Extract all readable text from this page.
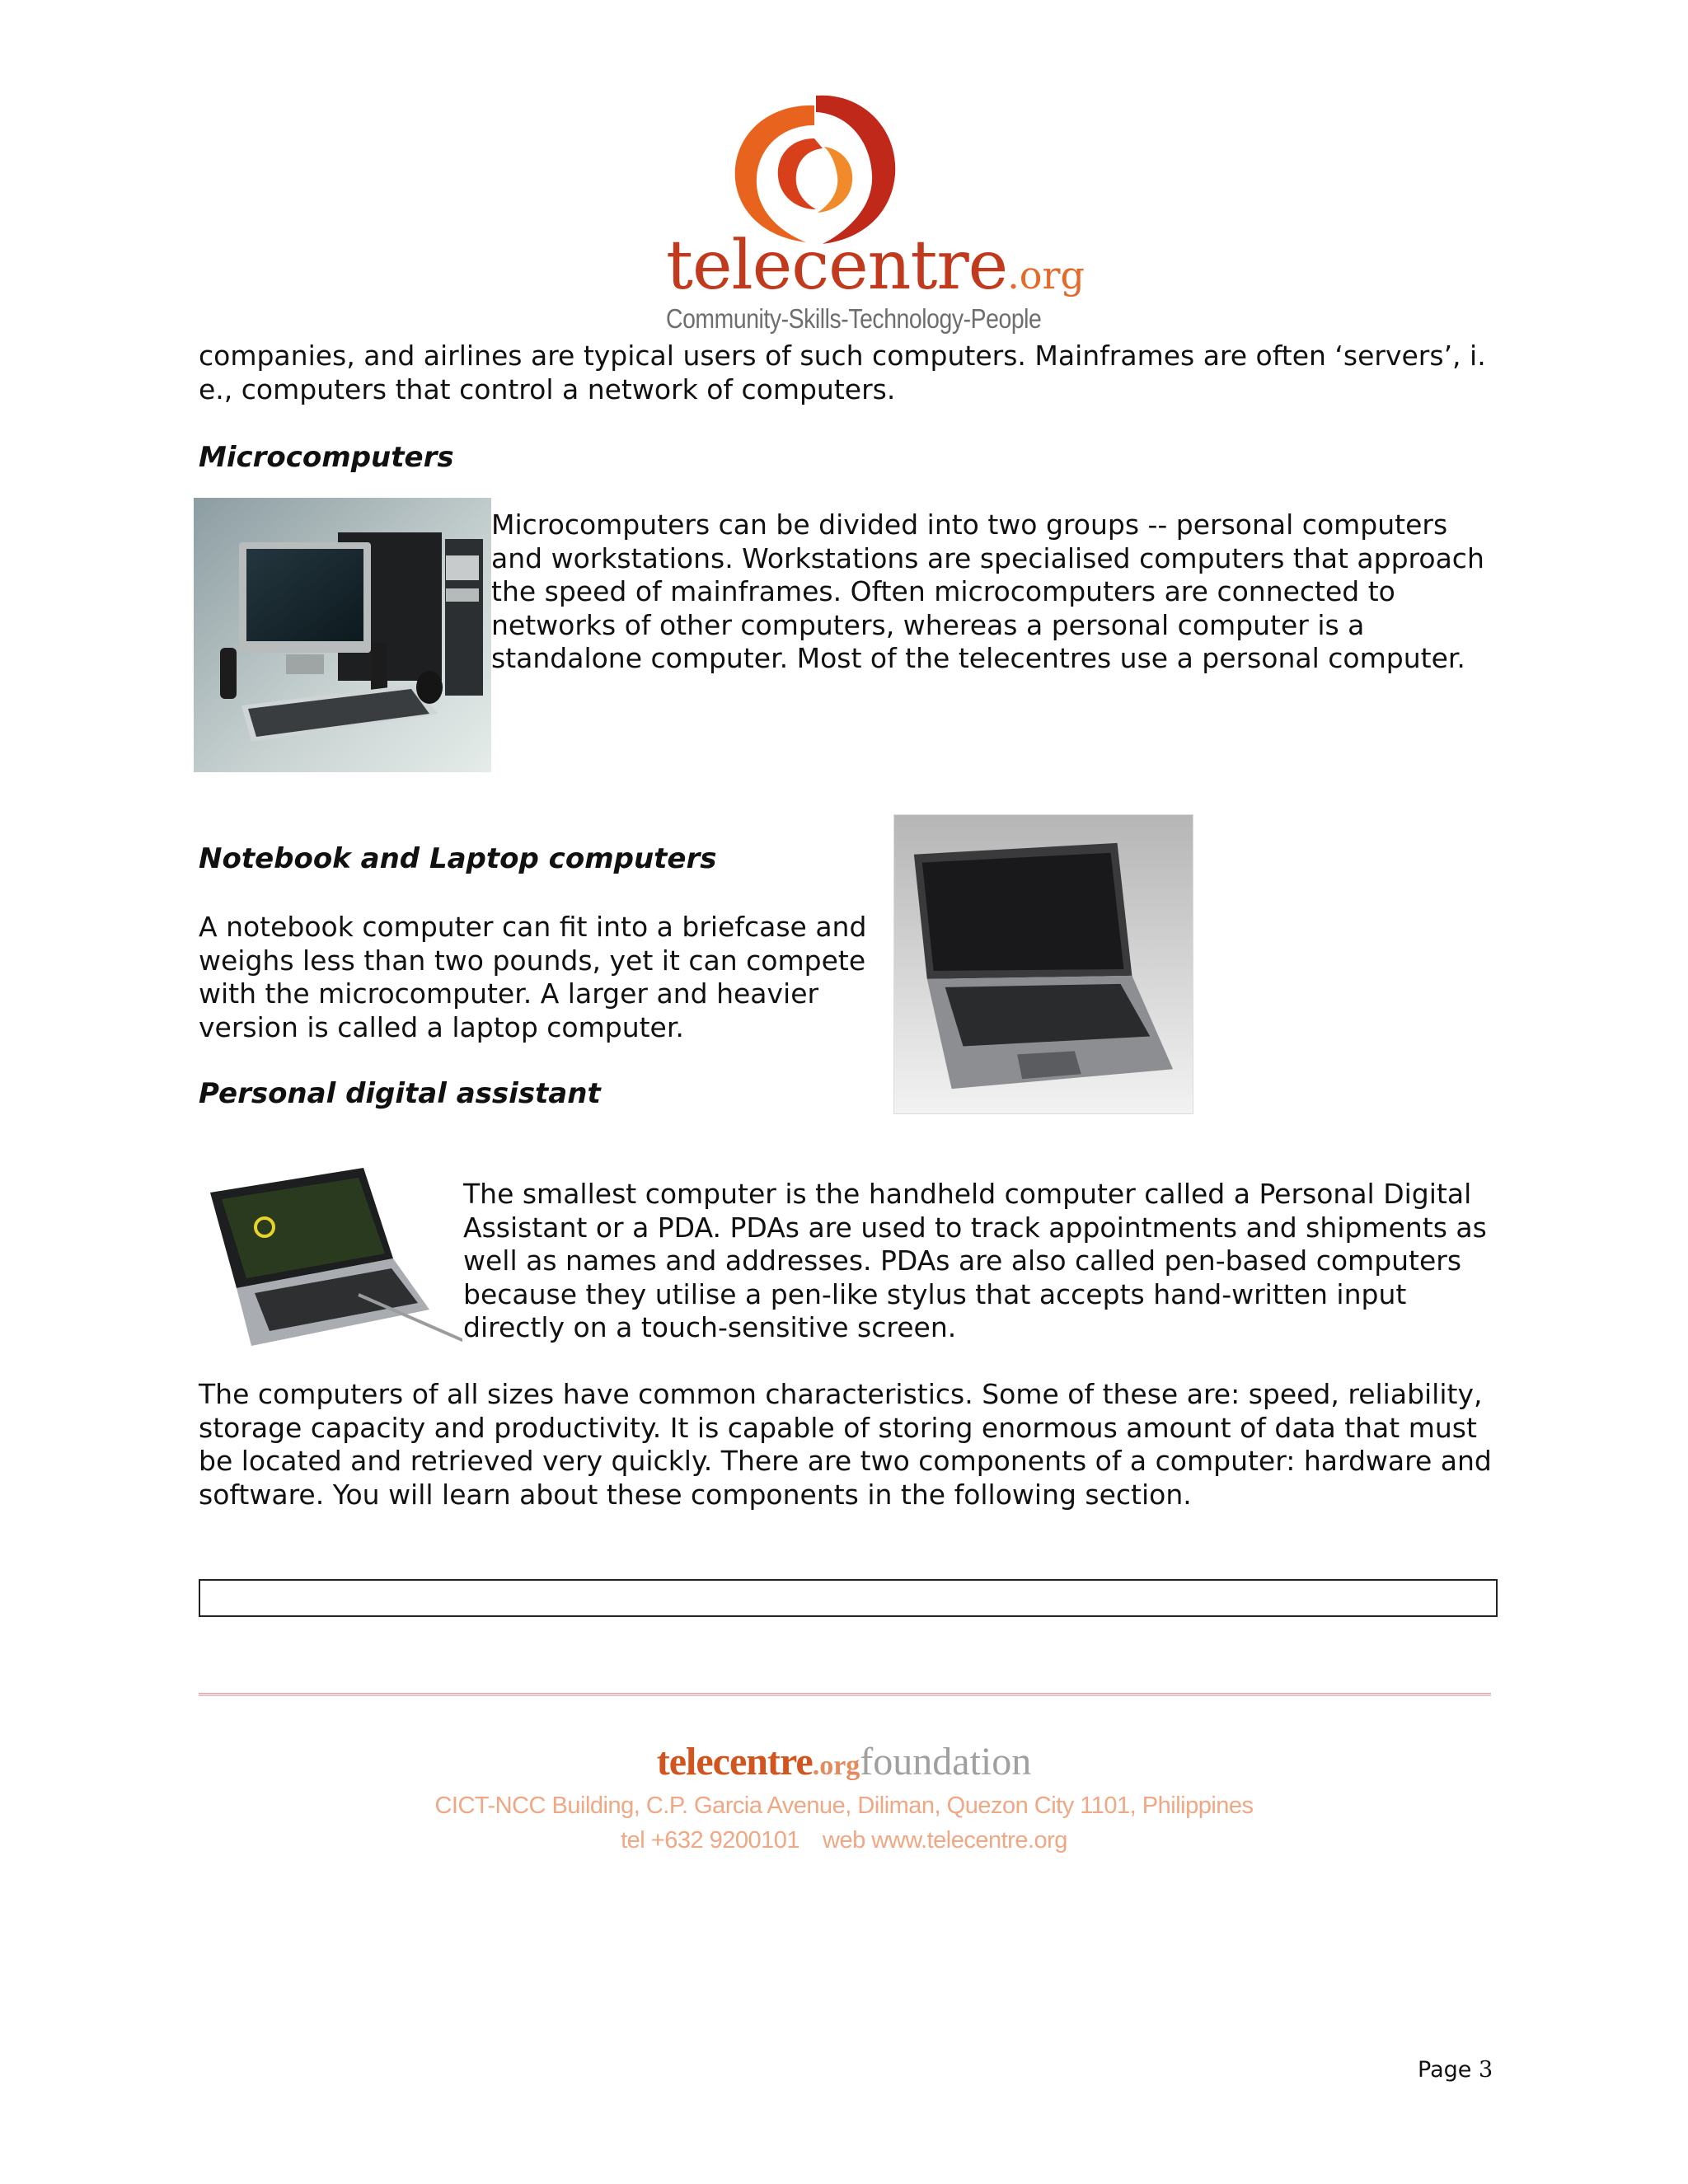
telecentre.org
Community-Skills-Technology-People

companies, and airlines are typical users of such computers. Mainframes are often ‘servers’, i. e., computers that control a network of computers.

Microcomputers

Microcomputers can be divided into two groups -- personal computers and workstations. Workstations are specialised computers that approach the speed of mainframes. Often microcomputers are connected to networks of other computers, whereas a personal computer is a standalone computer. Most of the telecentres use a personal computer.

Notebook and Laptop computers

A notebook computer can fit into a briefcase and weighs less than two pounds, yet it can compete with the microcomputer. A larger and heavier version is called a laptop computer.

Personal digital assistant

The smallest computer is the handheld computer called a Personal Digital Assistant or a PDA. PDAs are used to track appointments and shipments as well as names and addresses. PDAs are also called pen-based computers because they utilise a pen-like stylus that accepts hand-written input directly on a touch-sensitive screen.

The computers of all sizes have common characteristics. Some of these are: speed, reliability, storage capacity and productivity. It is capable of storing enormous amount of data that must be located and retrieved very quickly. There are two components of a computer: hardware and software. You will learn about these components in the following section.

telecentre.orgfoundation
CICT-NCC Building, C.P. Garcia Avenue, Diliman, Quezon City 1101, Philippines
tel +632 9200101 web www.telecentre.org
Page 3
